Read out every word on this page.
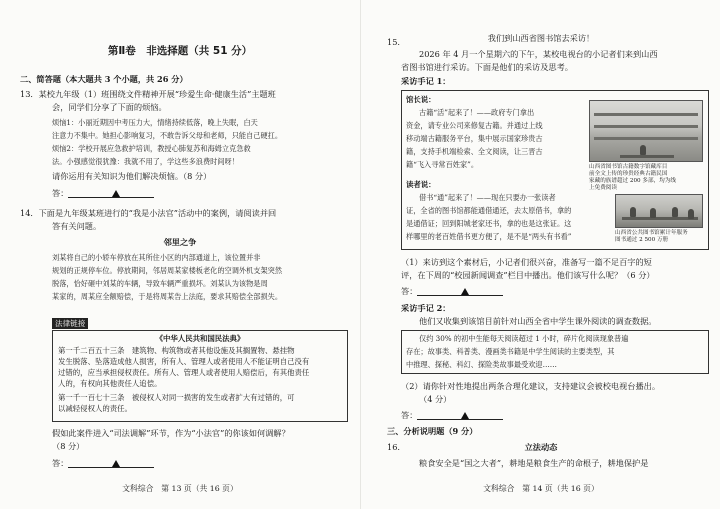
第Ⅱ卷　非选择题（共 51 分）
二、简答题（本大题共 3 个小题，共 26 分）
13．某校九年级（1）班围绕文件精神开展“珍爱生命·健康生活”主题班
会，同学们分享了下面的烦恼。
烦恼1：小丽近期因中考压力大，情绪持续低落，晚上失眠，白天
注意力不集中。她担心影响复习，不敢告诉父母和老师，只能自己硬扛。
烦恼2：学校开展应急救护培训，教授心肺复苏和海姆立克急救
法。小强感觉很犹豫：我就不用了，学这些多浪费时间呀！
请你运用有关知识为他们解决烦恼。（8 分）
答：
14．下面是九年级某班进行的“我是小法官”活动中的案例，请阅读并回
答有关问题。
邻里之争
刘某将自己的小轿车停放在其所住小区的内部通道上，该位置并非
规划的正规停车位。停放期间，邻居周某家楼板老化的空调外机支架突然
脱落，恰好砸中刘某的车辆，导致车辆严重损坏。刘某认为该物是周
某家的，周某应全额赔偿，于是将周某告上法庭，要求其赔偿全部损失。
法律链接
《中华人民共和国民法典》
第一千二百五十三条　建筑物、构筑物或者其他设施及其搁置物、悬挂物
发生脱落、坠落造成他人损害，所有人、管理人或者使用人不能证明自己没有
过错的，应当承担侵权责任。所有人、管理人或者使用人赔偿后，有其他责任
人的，有权向其他责任人追偿。
第一千一百七十三条　被侵权人对同一损害的发生或者扩大有过错的，可
以减轻侵权人的责任。
假如此案件进入“司法调解”环节，作为“小法官”的你该如何调解？
（8 分）
答：
文科综合　第 13 页（共 16 页）
15.	我们到山西省图书馆去采访！
2026 年 4 月一个星期六的下午，某校电视台的小记者们来到山西
省图书馆进行采访。下面是他们的采访及思考。
采访手记 1：
馆长说：
古籍“活”起来了！——政府专门拿出
资金，请专业公司来修复古籍。并通过上线
移动端古籍服务平台，集中展示国家珍贵古
籍，支持手机端检索、全文阅读，让三晋古
籍“飞入寻常百姓家”。
读者说：
借书“通”起来了！——现在只要办一张读者
证，全省的图书馆都能通借通还，去太原借书，拿的
是通借证；回到阳城老家还书，拿的也是这张证。这
样哪里的老百姓借书更方便了，是不是“两头有书看”
山西省图书馆古籍数字馆藏库目
前全文上传的珍贵经典古籍民国
家藏的族谱超过 200 多部，均为线
上免费阅读
山西省公共图书馆累计年服务
图书通过 2 500 万册
（1）来访到这个素材后，小记者们很兴奋，准备写一篇不足百字的短
评，在下周的“校园新闻调查”栏目中播出。他们该写什么呢？（6 分）
答：
采访手记 2：
他们又收集到该馆目前针对山西全省中学生课外阅读的调查数据。
仅约 30% 的初中生能每天阅读超过 1 小时，碎片化阅读现象普遍
存在；故事类、科普类、漫画类书籍是中学生阅读的主要类型，其
中推理、探秘、科幻、探险类故事最受欢迎……
（2）请你针对性地提出两条合理化建议，支持建议会被校电视台播出。
（4 分）
答：
三、分析说明题（9 分）
16.	立法动态
粮食安全是“国之大者”，耕地是粮食生产的命根子，耕地保护是
文科综合　第 14 页（共 16 页）
